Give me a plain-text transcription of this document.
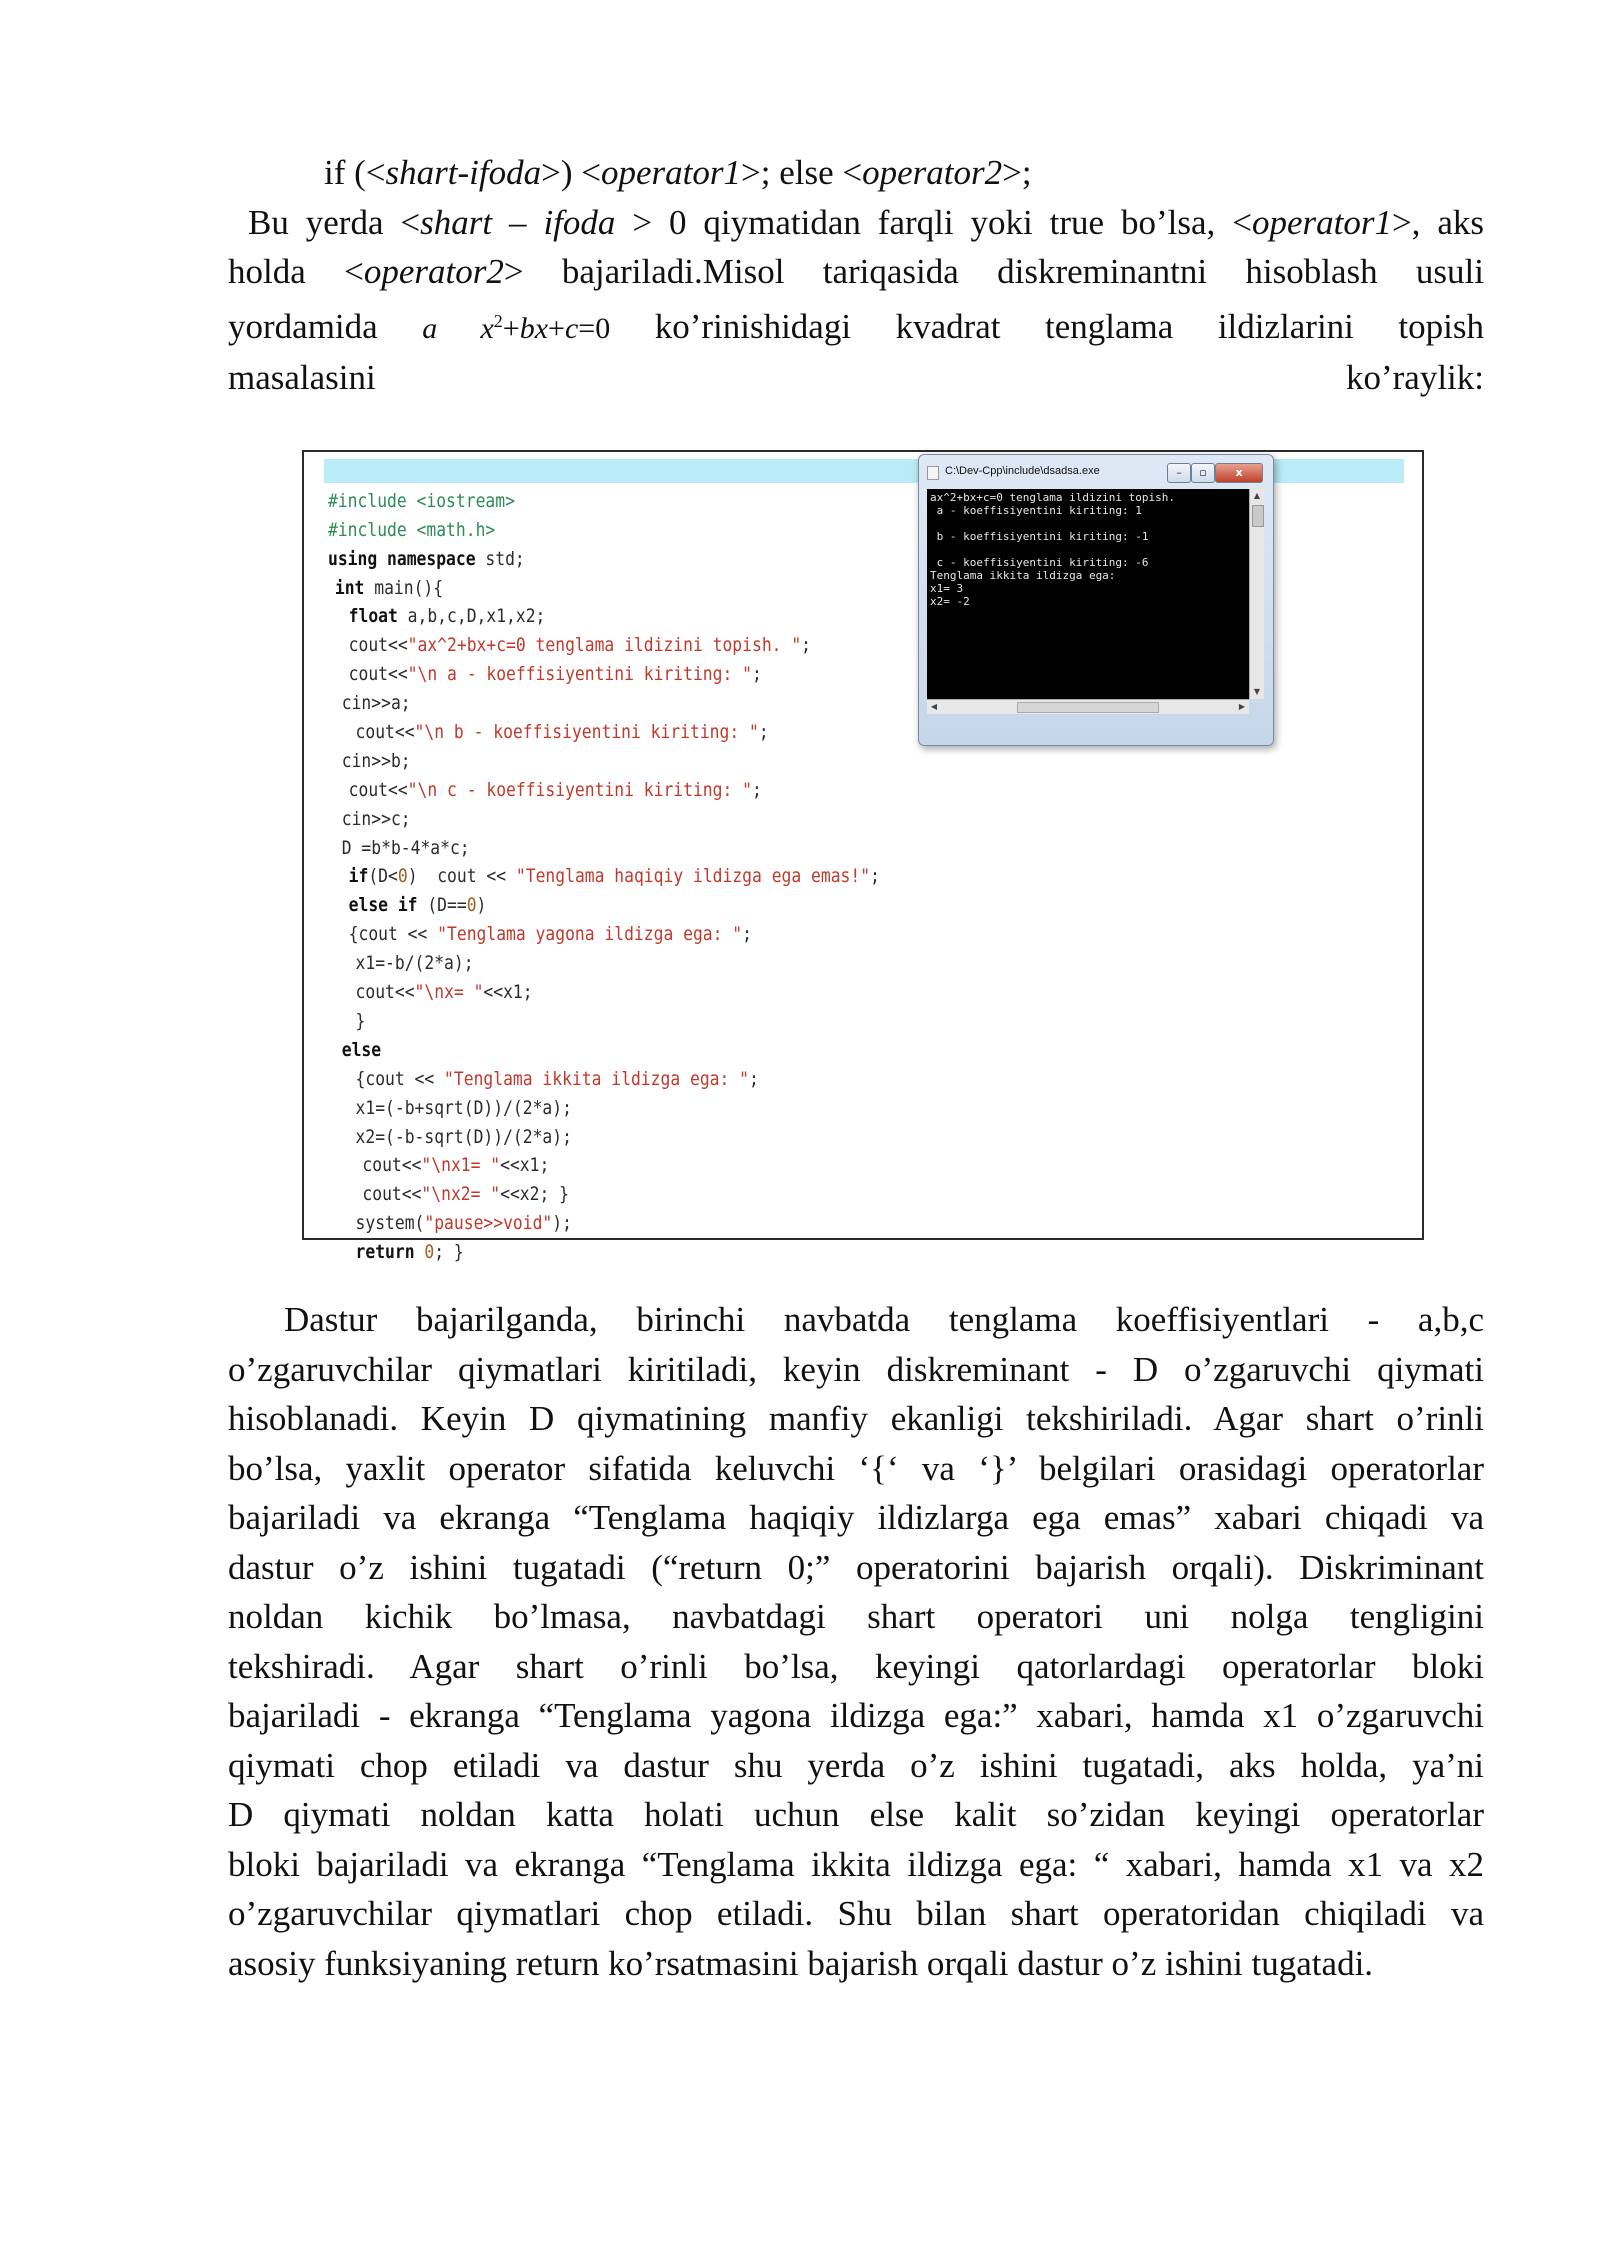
if (<shart-ifoda>) <operator1>; else <operator2>;
Bu yerda <shart – ifoda > 0 qiymatidan farqli yoki true bo’lsa, <operator1>, aks
holda <operator2> bajariladi.Misol tariqasida diskreminantni hisoblash usuli
yordamida a $x^2+bx+c=0$ ko’rinishidagi kvadrat tenglama ildizlarini topish
masalasini	ko’raylik:

#include <iostream>
#include <math.h>
using namespace std;
int main(){
float a,b,c,D,x1,x2;
cout<<"ax^2+bx+c=0 tenglama ildizini topish. ";
cout<<"\n a - koeffisiyentini kiriting: ";
cin>>a;
cout<<"\n b - koeffisiyentini kiriting: ";
cin>>b;
cout<<"\n c - koeffisiyentini kiriting: ";
cin>>c;
D =b*b-4*a*c;
if(D<0)  cout << "Tenglama haqiqiy ildizga ega emas!";
else if (D==0)
{cout << "Tenglama yagona ildizga ega: ";
x1=-b/(2*a);
cout<<"\nx= "<<x1;
}
else
{cout << "Tenglama ikkita ildizga ega: ";
x1=(-b+sqrt(D))/(2*a);
x2=(-b-sqrt(D))/(2*a);
cout<<"\nx1= "<<x1;
cout<<"\nx2= "<<x2; }
system("pause>>void");
return 0; }

C:\Dev-Cpp\include\dsadsa.exe	–	▫	x
ax^2+bx+c=0 tenglama ildizini topish.
a - koeffisiyentini kiriting: 1

b - koeffisiyentini kiriting: -1

c - koeffisiyentini kiriting: -6
Tenglama ikkita ildizga ega:
x1= 3
x2= -2
▲
▼
◀	▶
Dastur bajarilganda, birinchi navbatda tenglama koeffisiyentlari - a,b,c
o’zgaruvchilar qiymatlari kiritiladi, keyin diskreminant - D o’zgaruvchi qiymati
hisoblanadi. Keyin D qiymatining manfiy ekanligi tekshiriladi. Agar shart o’rinli
bo’lsa, yaxlit operator sifatida keluvchi ‘{‘ va ‘}’ belgilari orasidagi operatorlar
bajariladi va ekranga “Tenglama haqiqiy ildizlarga ega emas” xabari chiqadi va
dastur o’z ishini tugatadi (“return 0;” operatorini bajarish orqali). Diskriminant
noldan kichik bo’lmasa, navbatdagi shart operatori uni nolga tengligini
tekshiradi. Agar shart o’rinli bo’lsa, keyingi qatorlardagi operatorlar bloki
bajariladi - ekranga “Tenglama yagona ildizga ega:” xabari, hamda x1 o’zgaruvchi
qiymati chop etiladi va dastur shu yerda o’z ishini tugatadi, aks holda, ya’ni
D qiymati noldan katta holati uchun else kalit so’zidan keyingi operatorlar
bloki bajariladi va ekranga “Tenglama ikkita ildizga ega: “ xabari, hamda x1 va x2
o’zgaruvchilar qiymatlari chop etiladi. Shu bilan shart operatoridan chiqiladi va
asosiy funksiyaning return ko’rsatmasini bajarish orqali dastur o’z ishini tugatadi.
